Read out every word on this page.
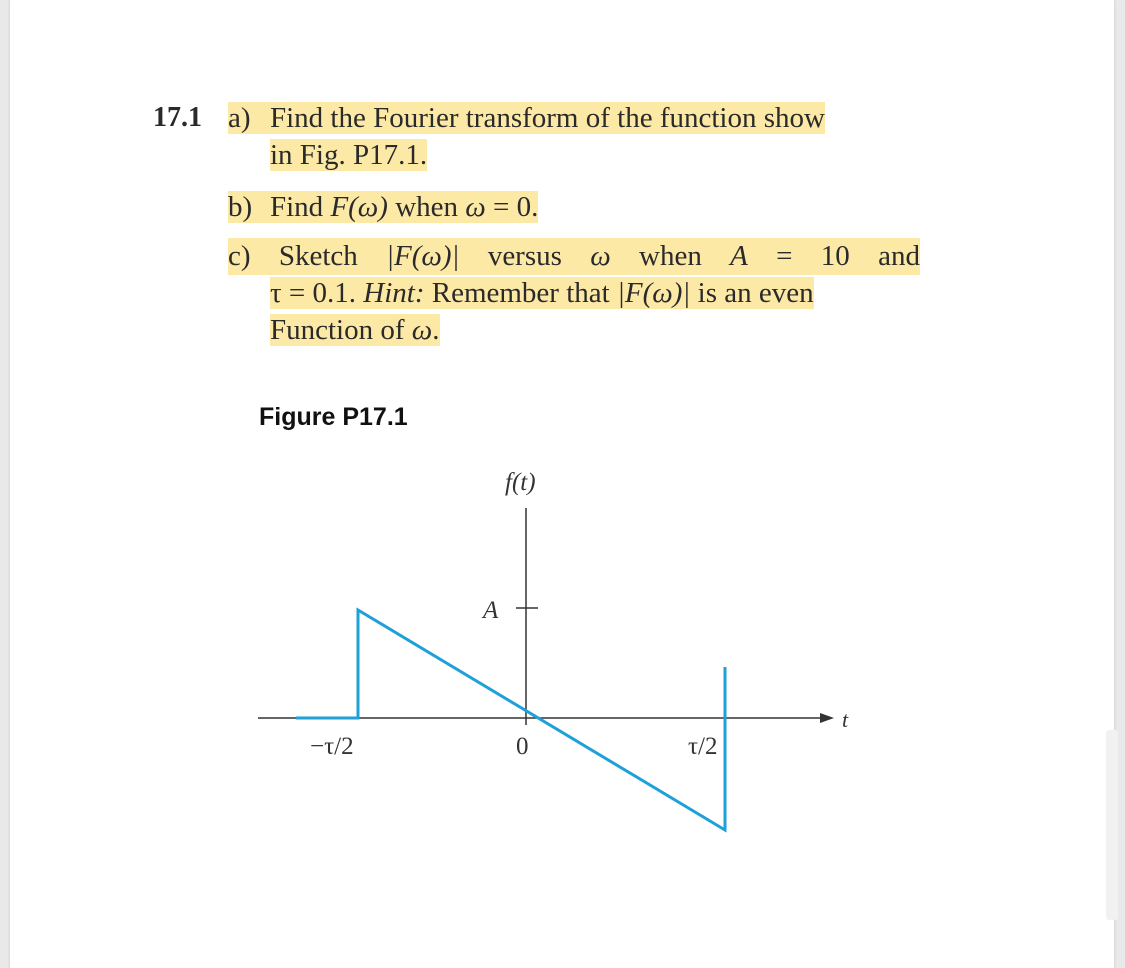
17.1 a) Find the Fourier transform of the function show
in Fig. P17.1.
b) Find F(ω) when ω = 0.
c) Sketch |F(ω)| versus ω when A = 10 and
τ = 0.1. Hint: Remember that |F(ω)| is an even
Function of ω.
Figure P17.1
f(t)
t
A
−τ/2	0	τ/2
